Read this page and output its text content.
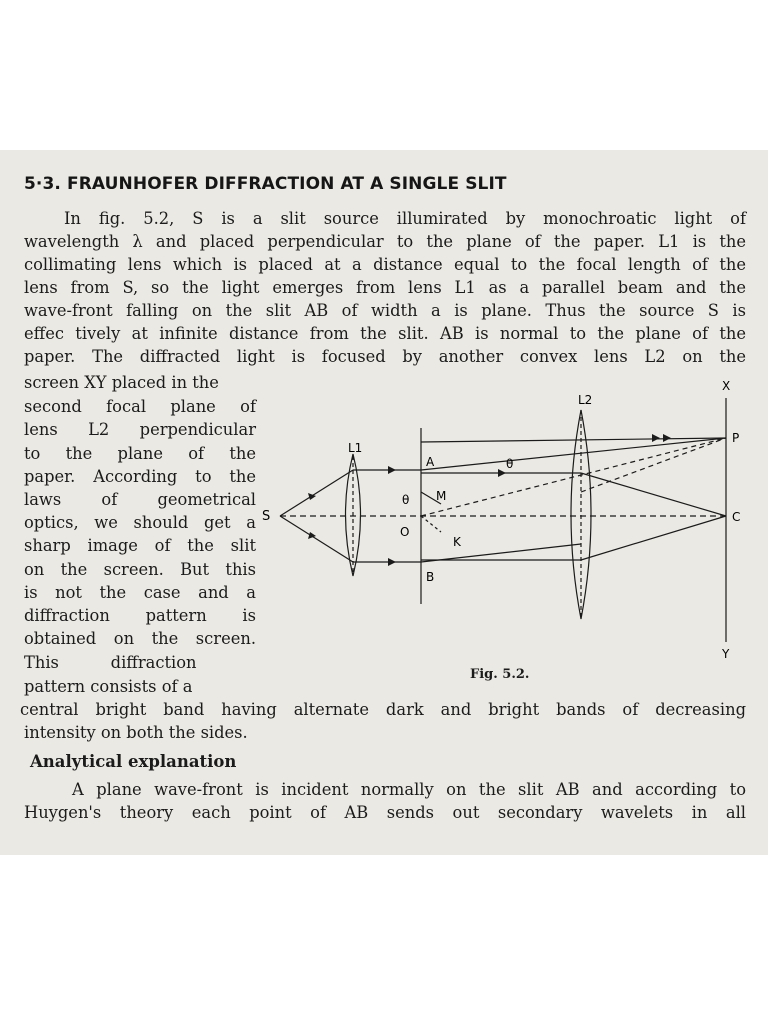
5·3. FRAUNHOFER DIFFRACTION AT A SINGLE SLIT
In fig. 5.2, S is a slit source illumirated by monochroatic light of
wavelength λ and placed perpendicular to the plane of the paper. L1 is the
collimating lens which is placed at a distance equal to the focal length of the
lens from S, so the light emerges from lens L1 as a parallel beam and the
wave-front falling on the slit AB of width a is plane. Thus the source S is
effec tively at infinite distance from the slit. AB is normal to the plane of the
paper. The diffracted light is focused by another convex lens L2 on the
screen XY placed in the
second focal plane of
lens L2 perpendicular
to the plane of the
paper. According to the
laws of geometrical
optics, we should get a
sharp image of the slit
on the screen. But this
is not the case and a
diffraction pattern is
obtained on the screen.
This          diffraction
pattern consists of a
S
L1
L2
A
B
O
M
K
θ
θ
X
Y
P
C
Fig. 5.2.
central bright band having alternate dark and bright bands of decreasing
intensity on both the sides.
Analytical explanation
A plane wave-front is incident normally on the slit AB and according to
Huygen's theory each point of AB sends out secondary wavelets in all
